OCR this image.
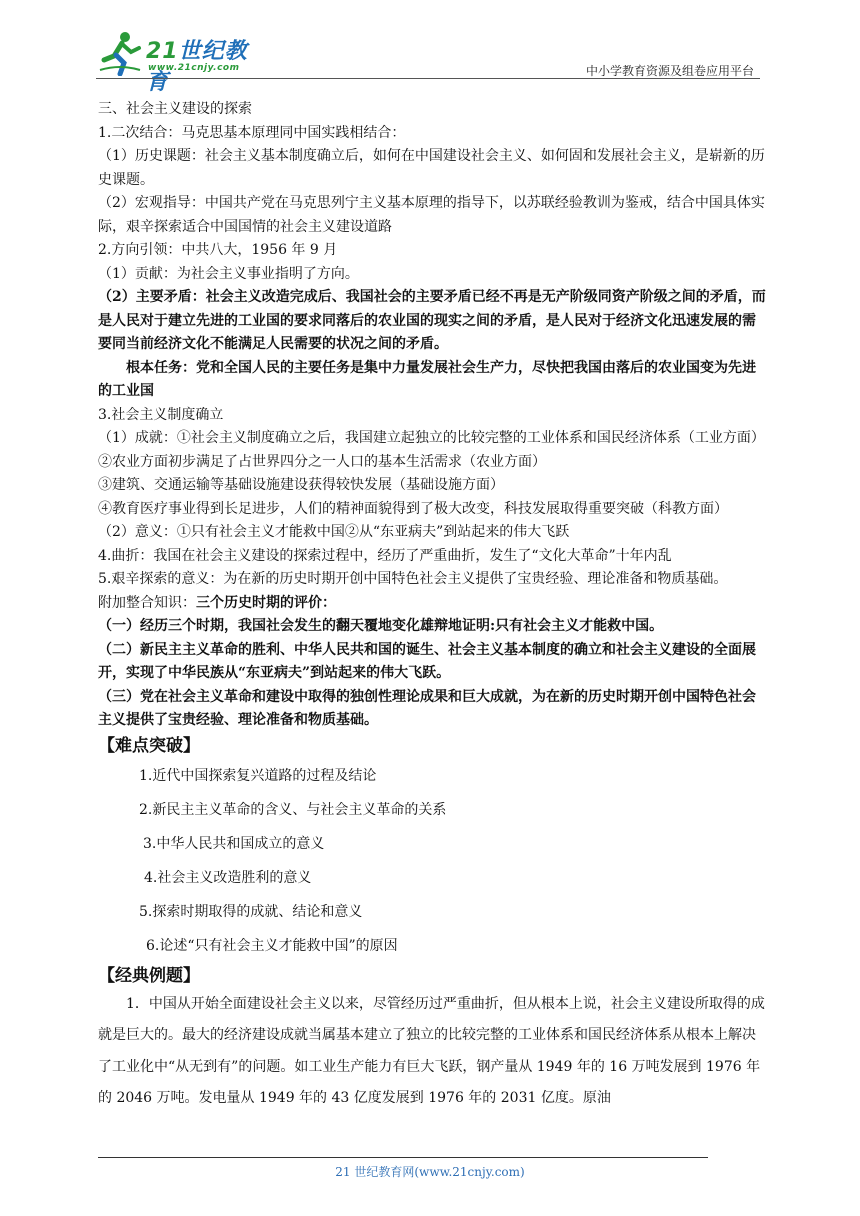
21世纪教育
www.21cnjy.com	中小学教育资源及组卷应用平台

三、社会主义建设的探索

1.二次结合：马克思基本原理同中国实践相结合：

（1）历史课题：社会主义基本制度确立后，如何在中国建设社会主义、如何固和发展社会主义，是崭新的历史课题。

（2）宏观指导：中国共产党在马克思列宁主义基本原理的指导下，以苏联经验教训为鉴戒，结合中国具体实际，艰辛探索适合中国国情的社会主义建设道路

2.方向引领：中共八大，1956 年 9 月

（1）贡献：为社会主义事业指明了方向。

（2）主要矛盾：社会主义改造完成后、我国社会的主要矛盾已经不再是无产阶级同资产阶级之间的矛盾，而是人民对于建立先进的工业国的要求同落后的农业国的现实之间的矛盾，是人民对于经济文化迅速发展的需要同当前经济文化不能满足人民需要的状况之间的矛盾。

根本任务：党和全国人民的主要任务是集中力量发展社会生产力，尽快把我国由落后的农业国变为先进的工业国

3.社会主义制度确立

（1）成就：①社会主义制度确立之后，我国建立起独立的比较完整的工业体系和国民经济体系（工业方面）

②农业方面初步满足了占世界四分之一人口的基本生活需求（农业方面）

③建筑、交通运输等基础设施建设获得较快发展（基础设施方面）

④教育医疗事业得到长足进步，人们的精神面貌得到了极大改变，科技发展取得重要突破（科教方面）

（2）意义：①只有社会主义才能救中国②从“东亚病夫”到站起来的伟大飞跃

4.曲折：我国在社会主义建设的探索过程中，经历了严重曲折，发生了“文化大革命”十年内乱

5.艰辛探索的意义：为在新的历史时期开创中国特色社会主义提供了宝贵经验、理论准备和物质基础。

附加整合知识：三个历史时期的评价：

（一）经历三个时期，我国社会发生的翻天覆地变化雄辩地证明:只有社会主义才能救中国。

（二）新民主主义革命的胜利、中华人民共和国的诞生、社会主义基本制度的确立和社会主义建设的全面展开，实现了中华民族从“东亚病夫”到站起来的伟大飞跃。

（三）党在社会主义革命和建设中取得的独创性理论成果和巨大成就，为在新的历史时期开创中国特色社会主义提供了宝贵经验、理论准备和物质基础。

【难点突破】

1.近代中国探索复兴道路的过程及结论

2.新民主主义革命的含义、与社会主义革命的关系

3.中华人民共和国成立的意义

4.社会主义改造胜利的意义

5.探索时期取得的成就、结论和意义

6.论述“只有社会主义才能救中国”的原因

【经典例题】

1．中国从开始全面建设社会主义以来，尽管经历过严重曲折，但从根本上说，社会主义建设所取得的成就是巨大的。最大的经济建设成就当属基本建立了独立的比较完整的工业体系和国民经济体系从根本上解决了工业化中“从无到有”的问题。如工业生产能力有巨大飞跃，钢产量从 1949 年的 16 万吨发展到 1976 年的 2046 万吨。发电量从 1949 年的 43 亿度发展到 1976 年的 2031 亿度。原油

21 世纪教育网(www.21cnjy.com)
